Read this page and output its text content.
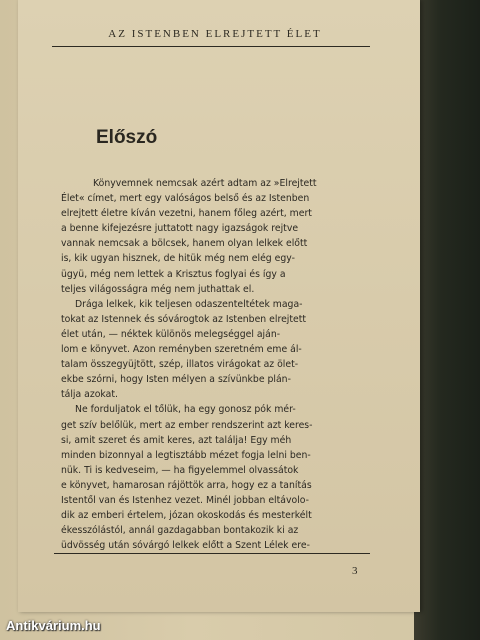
AZ ISTENBEN ELREJTETT ÉLET
Előszó
Könyvemnek nemcsak azért adtam az »Elrejtett
Élet« címet, mert egy valóságos belső és az Istenben
elrejtett életre kíván vezetni, hanem főleg azért, mert
a benne kifejezésre juttatott nagy igazságok rejtve
vannak nemcsak a bölcsek, hanem olyan lelkek előtt
is, kik ugyan hisznek, de hitük még nem elég egy-
ügyü, még nem lettek a Krisztus foglyai és így a
teljes világosságra még nem juthattak el.
Drága lelkek, kik teljesen odaszenteltétek maga-
tokat az Istennek és sóvárogtok az Istenben elrejtett
élet után, — néktek különös melegséggel aján-
lom e könyvet. Azon reményben szeretném eme ál-
talam összegyüjtött, szép, illatos virágokat az ölet-
ekbe szórni, hogy Isten mélyen a szívünkbe plán-
tálja azokat.
Ne forduljatok el tőlük, ha egy gonosz pók mér-
get szív belőlük, mert az ember rendszerint azt keres-
si, amit szeret és amit keres, azt találja! Egy méh
minden bizonnyal a legtisztább mézet fogja lelni ben-
nük. Ti is kedveseim, — ha figyelemmel olvassátok
e könyvet, hamarosan rájöttök arra, hogy ez a tanítás
Istentől van és Istenhez vezet. Minél jobban eltávolo-
dik az emberi értelem, józan okoskodás és mesterkélt
ékesszólástól, annál gazdagabban bontakozik ki az
üdvösség után sóvárgó lelkek előtt a Szent Lélek ere-
3
Antikvárium.hu
